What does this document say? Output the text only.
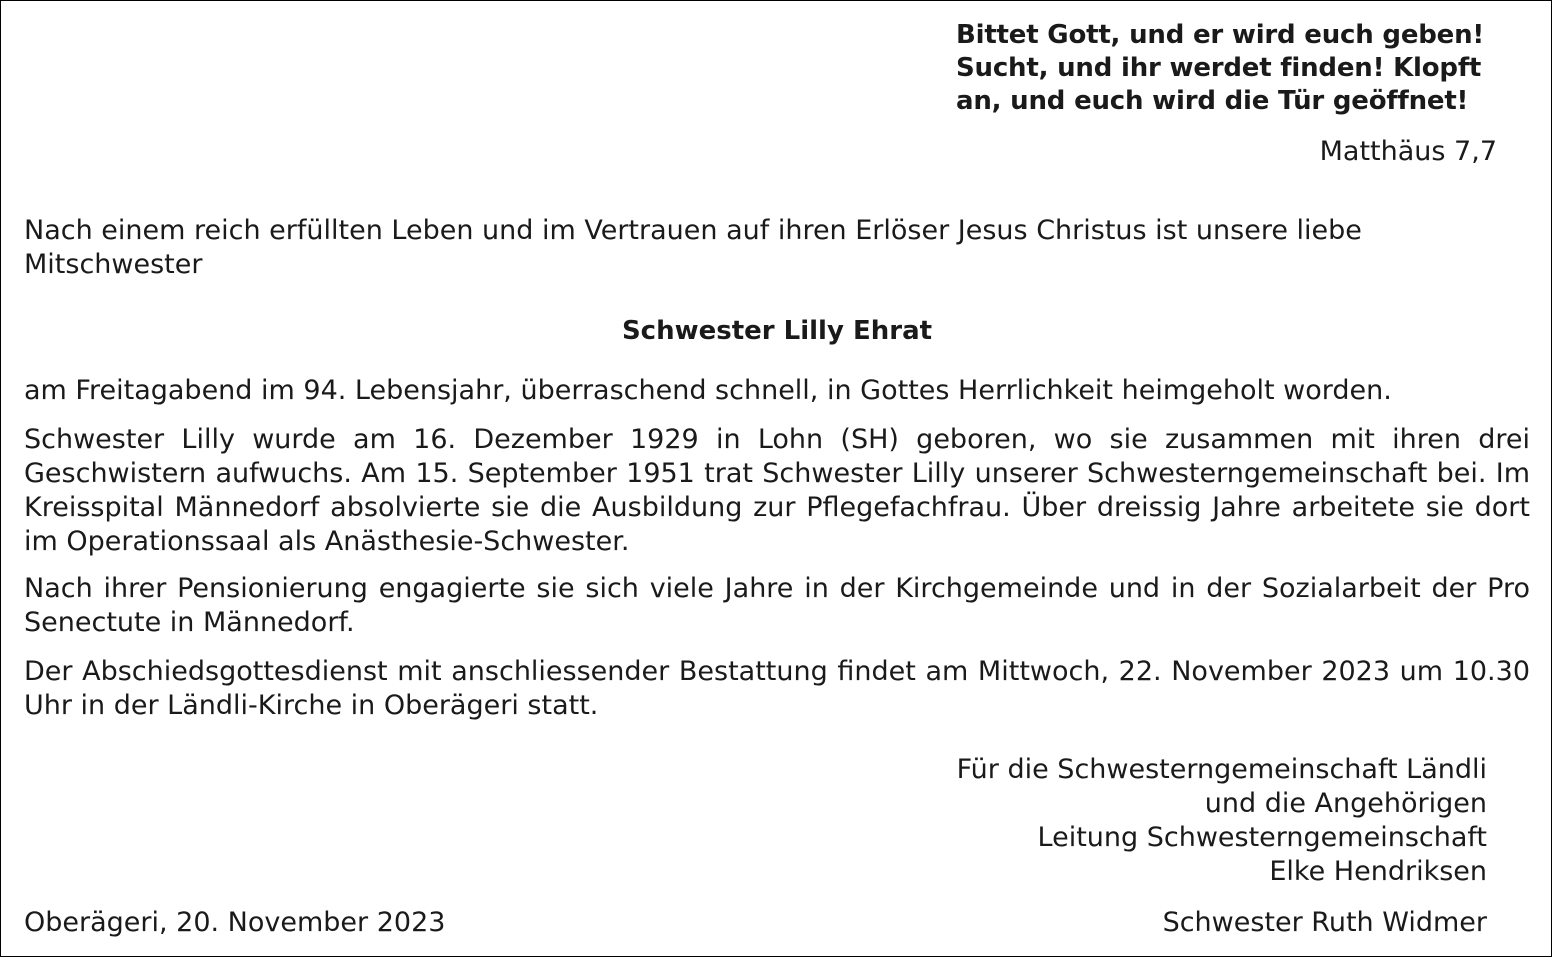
Bittet Gott, und er wird euch geben!
Sucht, und ihr werdet finden! Klopft
an, und euch wird die Tür geöffnet!
Matthäus 7,7

Nach einem reich erfüllten Leben und im Vertrauen auf ihren Erlöser Jesus Christus ist unsere liebe Mitschwester

Schwester Lilly Ehrat

am Freitagabend im 94. Lebensjahr, überraschend schnell, in Gottes Herrlichkeit heimgeholt worden.

Schwester Lilly wurde am 16. Dezember 1929 in Lohn (SH) geboren, wo sie zusammen mit ihren drei Geschwistern aufwuchs. Am 15. September 1951 trat Schwester Lilly unserer Schwesterngemeinschaft bei. Im Kreisspital Männedorf absolvierte sie die Ausbildung zur Pflegefachfrau. Über dreissig Jahre arbeitete sie dort im Operationssaal als Anästhesie-Schwester.

Nach ihrer Pensionierung engagierte sie sich viele Jahre in der Kirchgemeinde und in der Sozialarbeit der Pro Senectute in Männedorf.

Der Abschiedsgottesdienst mit anschliessender Bestattung findet am Mittwoch, 22. November 2023 um 10.30 Uhr in der Ländli-Kirche in Oberägeri statt.

Für die Schwesterngemeinschaft Ländli
und die Angehörigen
Leitung Schwesterngemeinschaft
Elke Hendriksen
Oberägeri, 20. November 2023	Schwester Ruth Widmer
